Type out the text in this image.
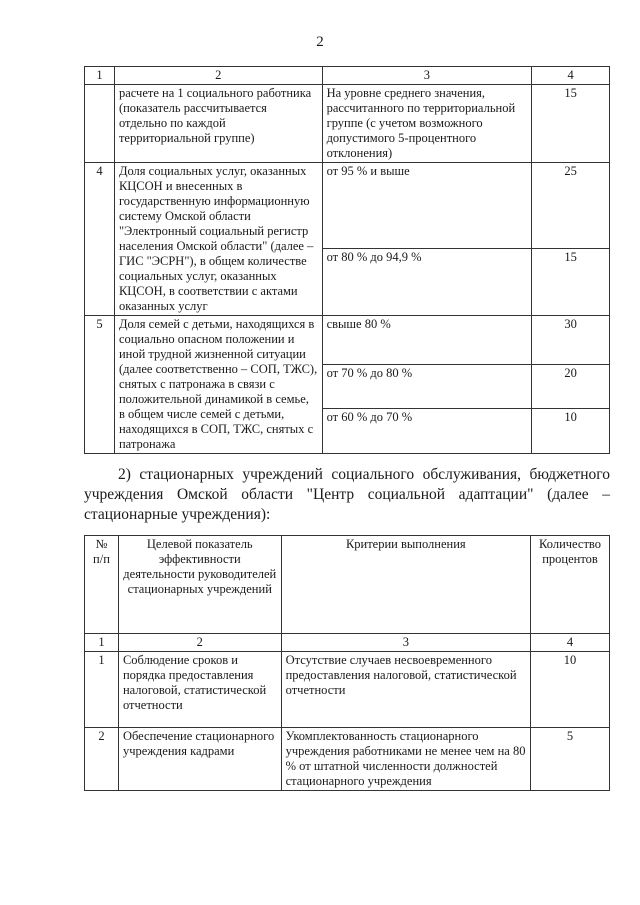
2
1	2	3	4
	расчете на 1 социального работника (показатель рассчитывается отдельно по каждой территориальной группе)	На уровне среднего значения, рассчитанного по территориальной группе (с учетом возможного допустимого 5-процентного отклонения)	15
4	Доля социальных услуг, оказанных КЦСОН и внесенных в государственную информационную систему Омской области "Электронный социальный регистр населения Омской области" (далее – ГИС "ЭСРН"), в общем количестве социальных услуг, оказанных КЦСОН, в соответствии с актами оказанных услуг	от 95 % и выше	25
		от 80 % до 94,9 %	15
5	Доля семей с детьми, находящихся в социально опасном положении и иной трудной жизненной ситуации (далее соответственно – СОП, ТЖС), снятых с патронажа в связи с положительной динамикой в семье, в общем числе семей с детьми, находящихся в СОП, ТЖС, снятых с патронажа	свыше 80 %	30
		от 70 % до 80 %	20
		от 60 % до 70 %	10
2) стационарных учреждений социального обслуживания, бюджетного учреждения Омской области "Центр социальной адаптации" (далее – стационарные учреждения):
№ п/п	Целевой показатель эффективности деятельности руководителей стационарных учреждений	Критерии выполнения	Количество процентов
1	2	3	4
1	Соблюдение сроков и порядка предоставления налоговой, статистической отчетности	Отсутствие случаев несвоевременного предоставления налоговой, статистической отчетности	10
2	Обеспечение стационарного учреждения кадрами	Укомплектованность стационарного учреждения работниками не менее чем на 80 % от штатной численности должностей стационарного учреждения	5
